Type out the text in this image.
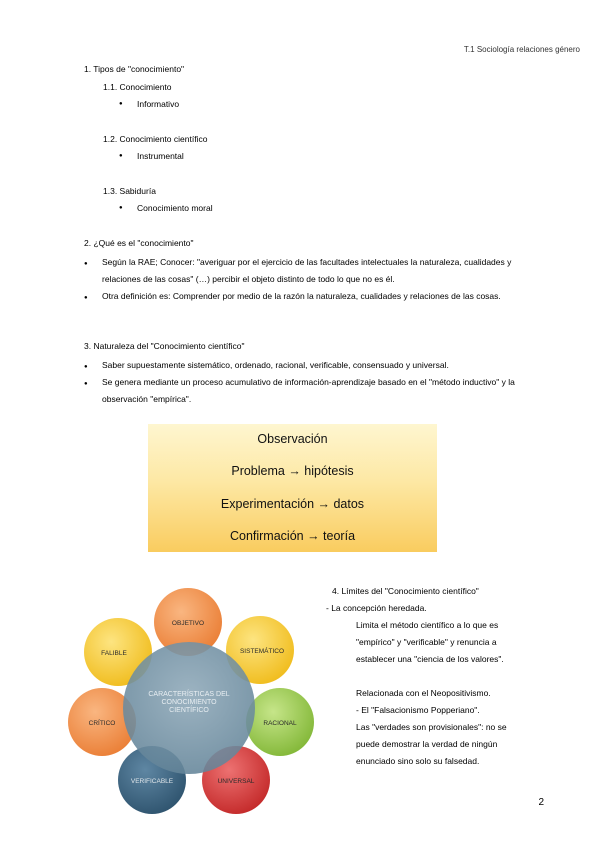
T.1 Sociología relaciones género
1. Tipos de "conocimiento"
1.1. Conocimiento
● Informativo
1.2. Conocimiento científico
● Instrumental
1.3. Sabiduría
● Conocimiento moral
2. ¿Qué es el "conocimiento"
● Según la RAE; Conocer: "averiguar por el ejercicio de las facultades intelectuales la naturaleza, cualidades y relaciones de las cosas" (…) percibir el objeto distinto de todo lo que no es él.
● Otra definición es: Comprender por medio de la razón la naturaleza, cualidades y relaciones de las cosas.
3. Naturaleza del "Conocimiento científico"
● Saber supuestamente sistemático, ordenado, racional, verificable, consensuado y universal.
● Se genera mediante un proceso acumulativo de información-aprendizaje basado en el "método inductivo" y la observación "empírica".
Observación
Problema → hipótesis
Experimentación → datos
Confirmación → teoría
CARACTERÍSTICAS DEL CONOCIMIENTO CIENTÍFICO
OBJETIVO
SISTEMÁTICO
RACIONAL
UNIVERSAL
VERIFICABLE
CRÍTICO
FALIBLE
4. Límites del "Conocimiento científico"
- La concepción heredada.
Limita el método científico a lo que es
"empírico" y "verificable" y renuncia a
establecer una "ciencia de los valores".
Relacionada con el Neopositivismo.
- El "Falsacionismo Popperiano".
Las "verdades son provisionales": no se
puede demostrar la verdad de ningún
enunciado sino solo su falsedad.
2
